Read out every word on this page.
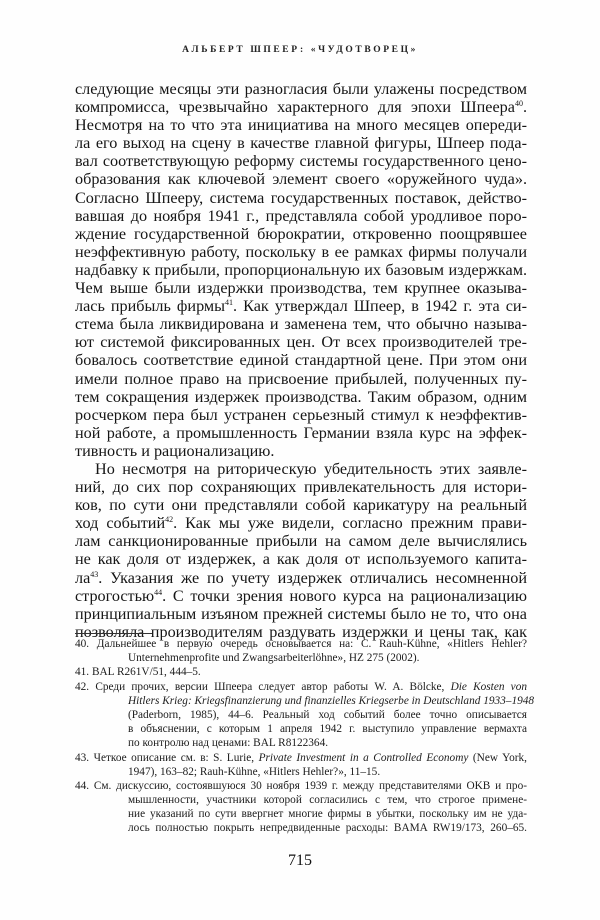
АЛЬБЕРТ ШПЕЕР: «ЧУДОТВОРЕЦ»
следующие месяцы эти разногласия были улажены посредством
компромисса, чрезвычайно характерного для эпохи Шпеера$^{40}$.
Несмотря на то что эта инициатива на много месяцев опереди-
ла его выход на сцену в качестве главной фигуры, Шпеер пода-
вал соответствующую реформу системы государственного цено-
образования как ключевой элемент своего «оружейного чуда».
Согласно Шпееру, система государственных поставок, действо-
вавшая до ноября 1941 г., представляла собой уродливое поро-
ждение государственной бюрократии, откровенно поощрявшее
неэффективную работу, поскольку в ее рамках фирмы получали
надбавку к прибыли, пропорциональную их базовым издержкам.
Чем выше были издержки производства, тем крупнее оказыва-
лась прибыль фирмы$^{41}$. Как утверждал Шпеер, в 1942 г. эта си-
стема была ликвидирована и заменена тем, что обычно называ-
ют системой фиксированных цен. От всех производителей тре-
бовалось соответствие единой стандартной цене. При этом они
имели полное право на присвоение прибылей, полученных пу-
тем сокращения издержек производства. Таким образом, одним
росчерком пера был устранен серьезный стимул к неэффектив-
ной работе, а промышленность Германии взяла курс на эффек-
тивность и рационализацию.
Но несмотря на риторическую убедительность этих заявле-
ний, до сих пор сохраняющих привлекательность для истори-
ков, по сути они представляли собой карикатуру на реальный
ход событий$^{42}$. Как мы уже видели, согласно прежним прави-
лам санкционированные прибыли на самом деле вычислялись
не как доля от издержек, а как доля от используемого капита-
$ла^{43}$. Указания же по учету издержек отличались несомненной
строгостью$^{44}$. С точки зрения нового курса на рационализацию
принципиальным изъяном прежней системы было не то, что она
позволяла производителям раздувать издержки и цены так, как
40. Дальнейшее в первую очередь основывается на: C. Rauh-Kühne, «Hitlers Hehler?
Unternehmenprofite und Zwangsarbeiterlöhne», HZ 275 (2002).
41. BAL R261V/51, 444–5.
42. Среди прочих, версии Шпеера следует автор работы W. A. Bölcke, Die Kosten von
Hitlers Krieg: Kriegsfinanzierung und finanzielles Kriegserbe in Deutschland 1933–1948
(Paderborn, 1985), 44–6. Реальный ход событий более точно описывается
в объяснении, с которым 1 апреля 1942 г. выступило управление вермахта
по контролю над ценами: BAL R8122364.
43. Четкое описание см. в: S. Lurie, Private Investment in a Controlled Economy (New York,
1947), 163–82; Rauh-Kühne, «Hitlers Hehler?», 11–15.
44. См. дискуссию, состоявшуюся 30 ноября 1939 г. между представителями OKB и про-
мышленности, участники которой согласились с тем, что строгое примене-
ние указаний по сути ввергнет многие фирмы в убытки, поскольку им не уда-
лось полностью покрыть непредвиденные расходы: BAMA RW19/173, 260–65.
715
